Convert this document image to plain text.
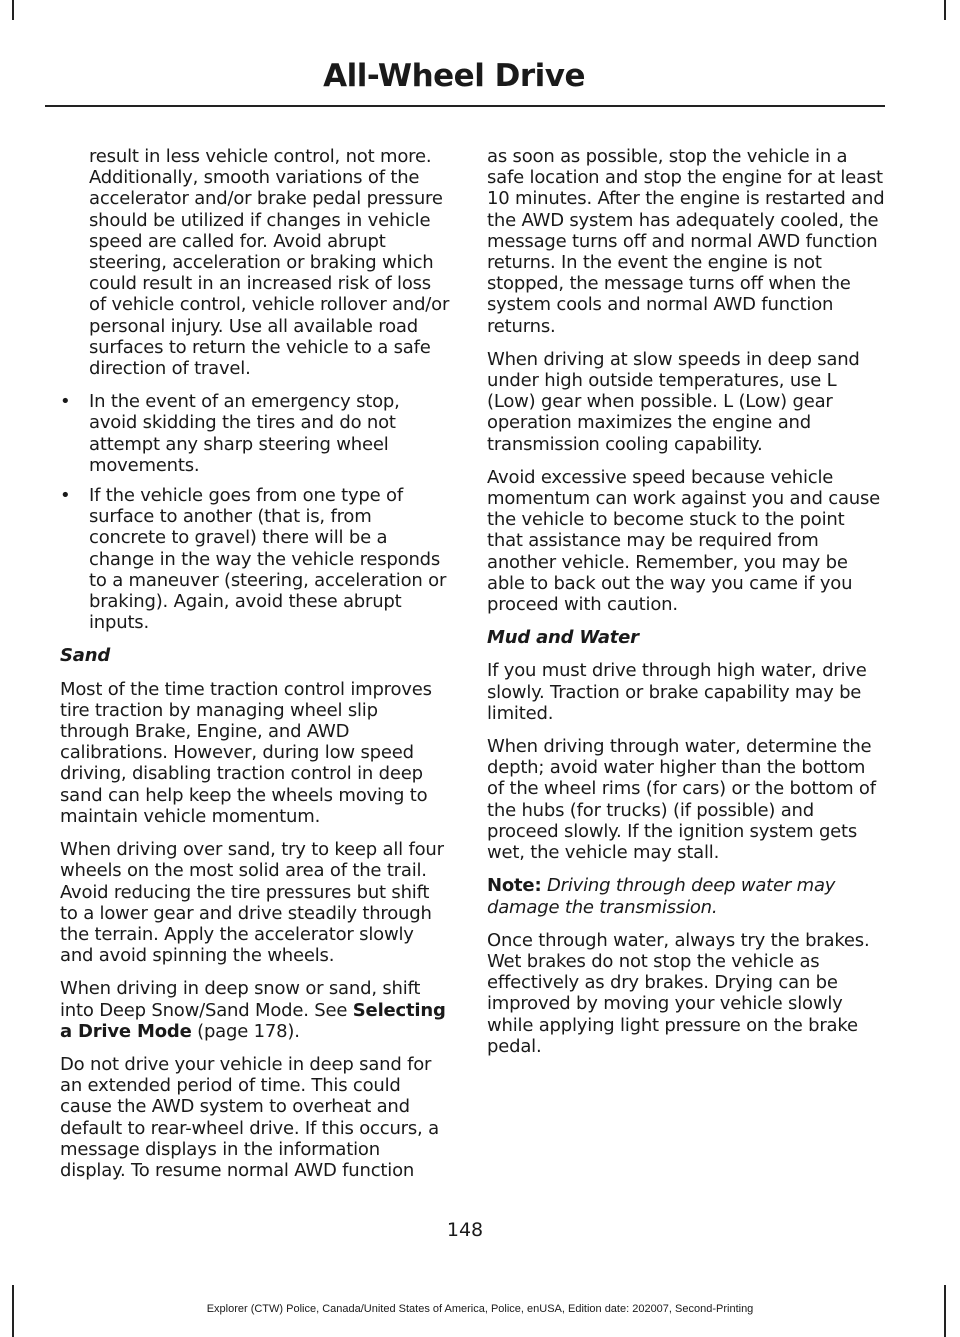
All-Wheel Drive

result in less vehicle control, not more. Additionally, smooth variations of the accelerator and/or brake pedal pressure should be utilized if changes in vehicle speed are called for. Avoid abrupt steering, acceleration or braking which could result in an increased risk of loss of vehicle control, vehicle rollover and/or personal injury. Use all available road surfaces to return the vehicle to a safe direction of travel.

• In the event of an emergency stop, avoid skidding the tires and do not attempt any sharp steering wheel movements.
• If the vehicle goes from one type of surface to another (that is, from concrete to gravel) there will be a change in the way the vehicle responds to a maneuver (steering, acceleration or braking). Again, avoid these abrupt inputs.

Sand

Most of the time traction control improves tire traction by managing wheel slip through Brake, Engine, and AWD calibrations. However, during low speed driving, disabling traction control in deep sand can help keep the wheels moving to maintain vehicle momentum.

When driving over sand, try to keep all four wheels on the most solid area of the trail. Avoid reducing the tire pressures but shift to a lower gear and drive steadily through the terrain. Apply the accelerator slowly and avoid spinning the wheels.

When driving in deep snow or sand, shift into Deep Snow/Sand Mode. See Selecting a Drive Mode (page 178).

Do not drive your vehicle in deep sand for an extended period of time. This could cause the AWD system to overheat and default to rear-wheel drive. If this occurs, a message displays in the information display. To resume normal AWD function

as soon as possible, stop the vehicle in a safe location and stop the engine for at least 10 minutes. After the engine is restarted and the AWD system has adequately cooled, the message turns off and normal AWD function returns. In the event the engine is not stopped, the message turns off when the system cools and normal AWD function returns.

When driving at slow speeds in deep sand under high outside temperatures, use L (Low) gear when possible. L (Low) gear operation maximizes the engine and transmission cooling capability.

Avoid excessive speed because vehicle momentum can work against you and cause the vehicle to become stuck to the point that assistance may be required from another vehicle. Remember, you may be able to back out the way you came if you proceed with caution.

Mud and Water

If you must drive through high water, drive slowly. Traction or brake capability may be limited.

When driving through water, determine the depth; avoid water higher than the bottom of the wheel rims (for cars) or the bottom of the hubs (for trucks) (if possible) and proceed slowly. If the ignition system gets wet, the vehicle may stall.

Note: Driving through deep water may damage the transmission.

Once through water, always try the brakes. Wet brakes do not stop the vehicle as effectively as dry brakes. Drying can be improved by moving your vehicle slowly while applying light pressure on the brake pedal.

148
Explorer (CTW) Police, Canada/United States of America, Police, enUSA, Edition date: 202007, Second-Printing
